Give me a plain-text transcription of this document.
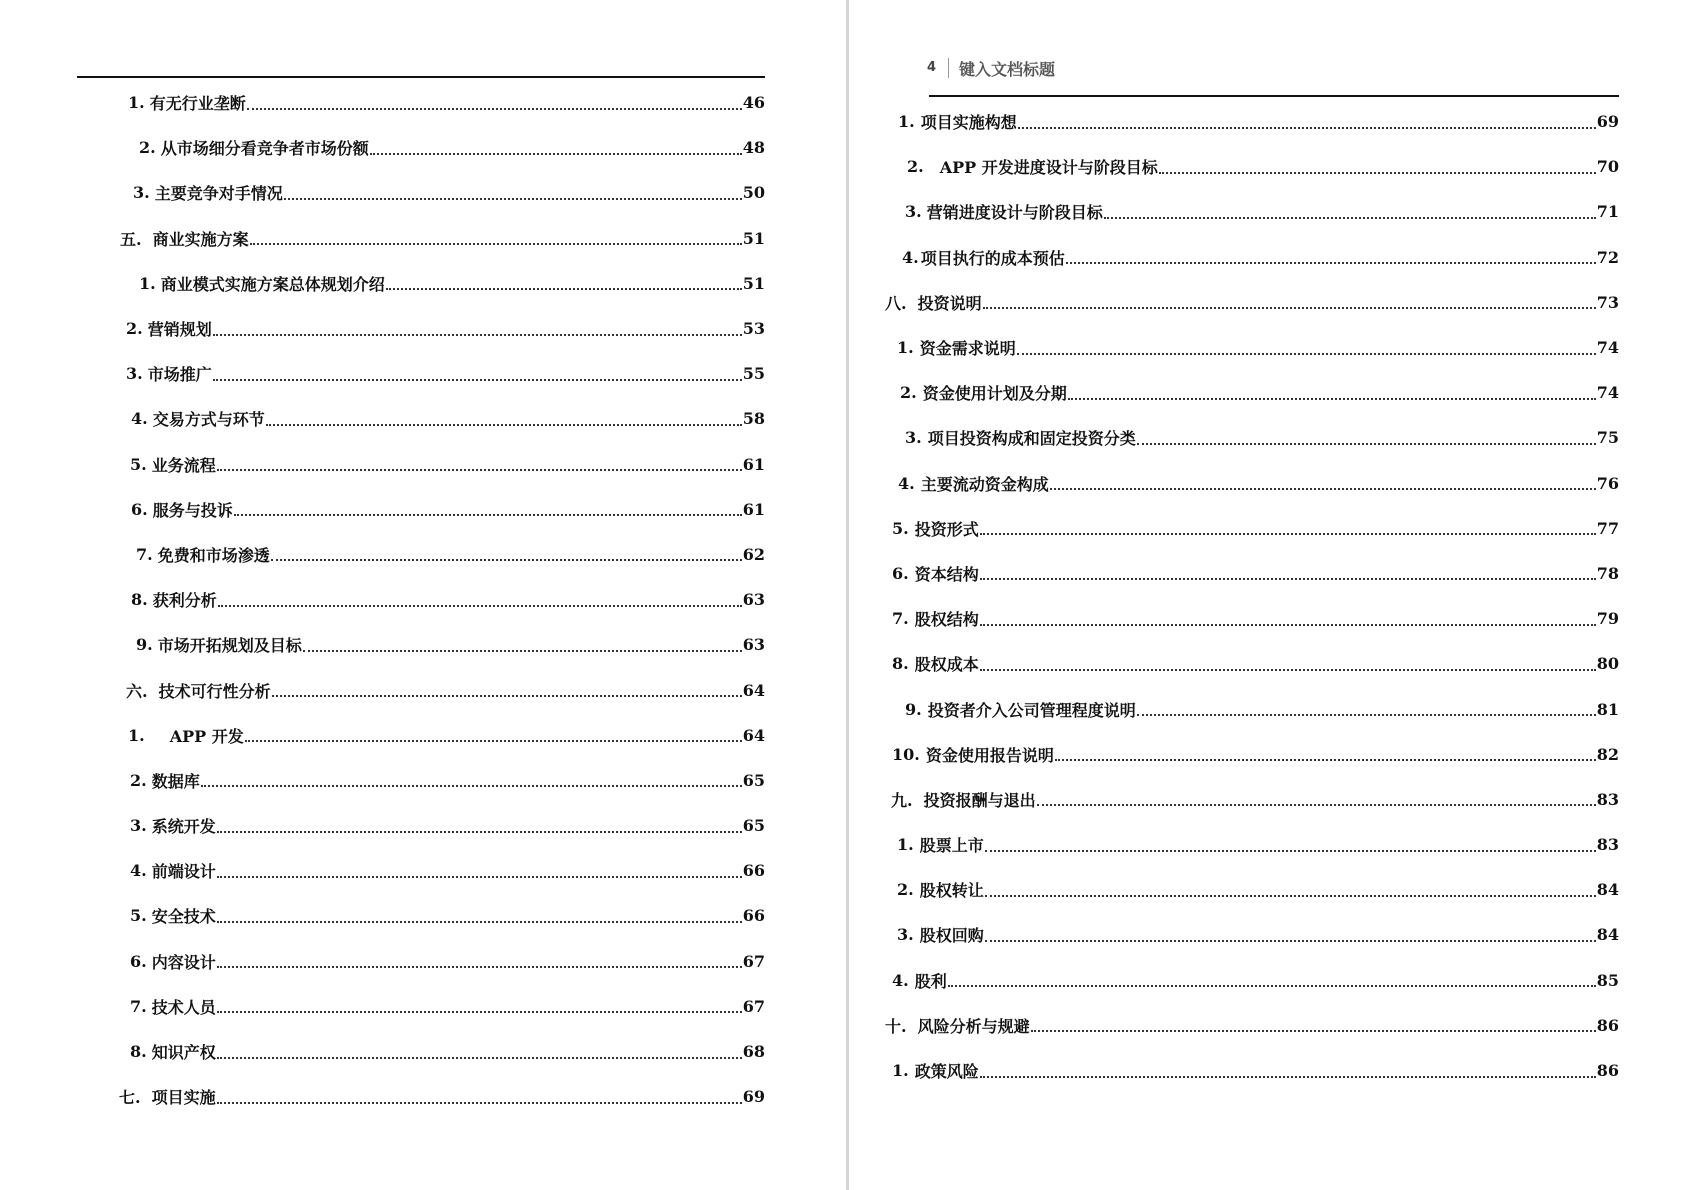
1. 有无行业垄断	46
2. 从市场细分看竞争者市场份额	48
3. 主要竞争对手情况	50
五. 商业实施方案	51
1. 商业模式实施方案总体规划介绍	51
2. 营销规划	53
3. 市场推广	55
4. 交易方式与环节	58
5. 业务流程	61
6. 服务与投诉	61
7. 免费和市场渗透	62
8. 获利分析	63
9. 市场开拓规划及目标	63
六. 技术可行性分析	64
1. APP 开发	64
2. 数据库	65
3. 系统开发	65
4. 前端设计	66
5. 安全技术	66
6. 内容设计	67
7. 技术人员	67
8. 知识产权	68
七. 项目实施	69
4	键入文档标题
1. 项目实施构想	69
2. APP 开发进度设计与阶段目标	70
3. 营销进度设计与阶段目标	71
4. 项目执行的成本预估	72
八. 投资说明	73
1. 资金需求说明	74
2. 资金使用计划及分期	74
3. 项目投资构成和固定投资分类	75
4. 主要流动资金构成	76
5. 投资形式	77
6. 资本结构	78
7. 股权结构	79
8. 股权成本	80
9. 投资者介入公司管理程度说明	81
10. 资金使用报告说明	82
九. 投资报酬与退出	83
1. 股票上市	83
2. 股权转让	84
3. 股权回购	84
4. 股利	85
十. 风险分析与规避	86
1. 政策风险	86
